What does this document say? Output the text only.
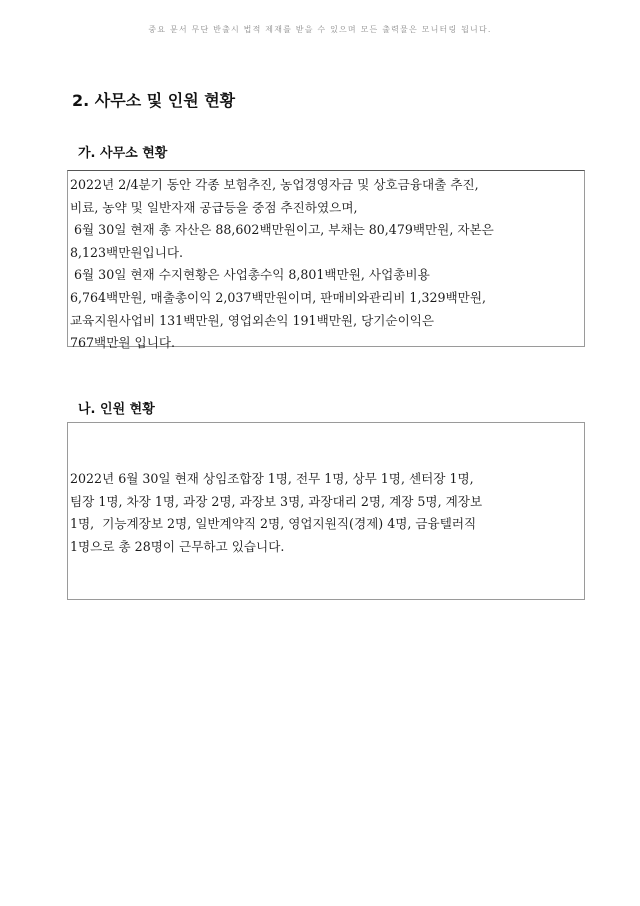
중요 문서 무단 반출시 법적 제재를 받을 수 있으며 모든 출력물은 모니터링 됩니다.
2. 사무소 및 인원 현황
가. 사무소 현황
2022년 2/4분기 동안 각종 보험추진, 농업경영자금 및 상호금융대출 추진,
비료, 농약 및 일반자재 공급등을 중점 추진하였으며,
6월 30일 현재 총 자산은 88,602백만원이고, 부채는 80,479백만원, 자본은
8,123백만원입니다.
6월 30일 현재 수지현황은 사업총수익 8,801백만원, 사업총비용
6,764백만원, 매출총이익 2,037백만원이며, 판매비와관리비 1,329백만원,
교육지원사업비 131백만원, 영업외손익 191백만원, 당기순이익은
767백만원 입니다.
나. 인원 현황
2022년 6월 30일 현재 상임조합장 1명, 전무 1명, 상무 1명, 센터장 1명,
팀장 1명, 차장 1명, 과장 2명, 과장보 3명, 과장대리 2명, 계장 5명, 계장보
1명,  기능계장보 2명, 일반계약직 2명, 영업지원직(경제) 4명, 금융텔러직
1명으로 총 28명이 근무하고 있습니다.
